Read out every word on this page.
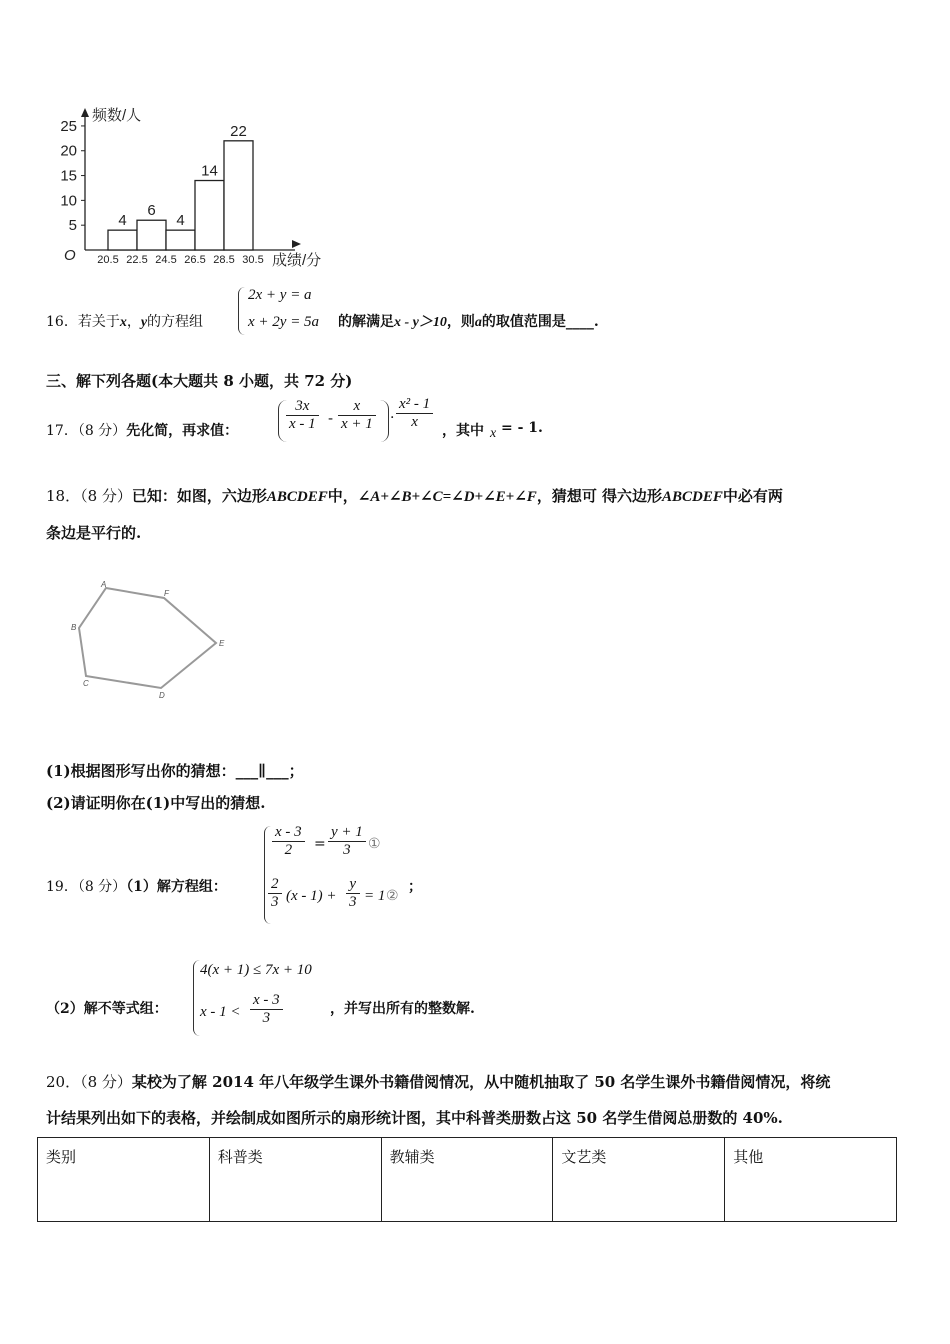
频数/人
成绩/分
O
5
10
15
20
25
4
6
4
14
22
20.5 22.5 24.5 26.5 28.5 30.5
16．若关于x，y的方程组
2x + y = a
x + 2y = 5a 的解满足x - y＞10，则a的取值范围是____.
三、解下列各题(本大题共 8 小题，共 72 分)
17．（8 分）先化简，再求值：	$\frac{3x}{x - 1} - \frac{x}{x + 1} \cdot \frac{\text{x² - 1}}{x}$ ，其中 x = - 1.
18．（8 分）已知：如图，六边形ABCDEF中，∠A+∠B+∠C=∠D+∠E+∠F，猜想可 得六边形ABCDEF中必有两
条边是平行的.
A
B
C
D
E
F
(1)根据图形写出你的猜想：___∥___；
(2)请证明你在(1)中写出的猜想.
19．（8 分）（1）解方程组：
$\frac{x - 3}{2} = \frac{y + 1}{3}$ ①
$\frac{2}{3} (x - 1) + \frac{y}{3} = 1$ ②
；
（2）解不等式组：
4(x + 1) ≤ 7x + 10
$x - 1 < \frac{x - 3}{3}$	，并写出所有的整数解.
20．（8 分）某校为了解 2014 年八年级学生课外书籍借阅情况，从中随机抽取了 50 名学生课外书籍借阅情况，将统
计结果列出如下的表格，并绘制成如图所示的扇形统计图，其中科普类册数占这 50 名学生借阅总册数的 40%.
类别	科普类	教辅类	文艺类	其他
